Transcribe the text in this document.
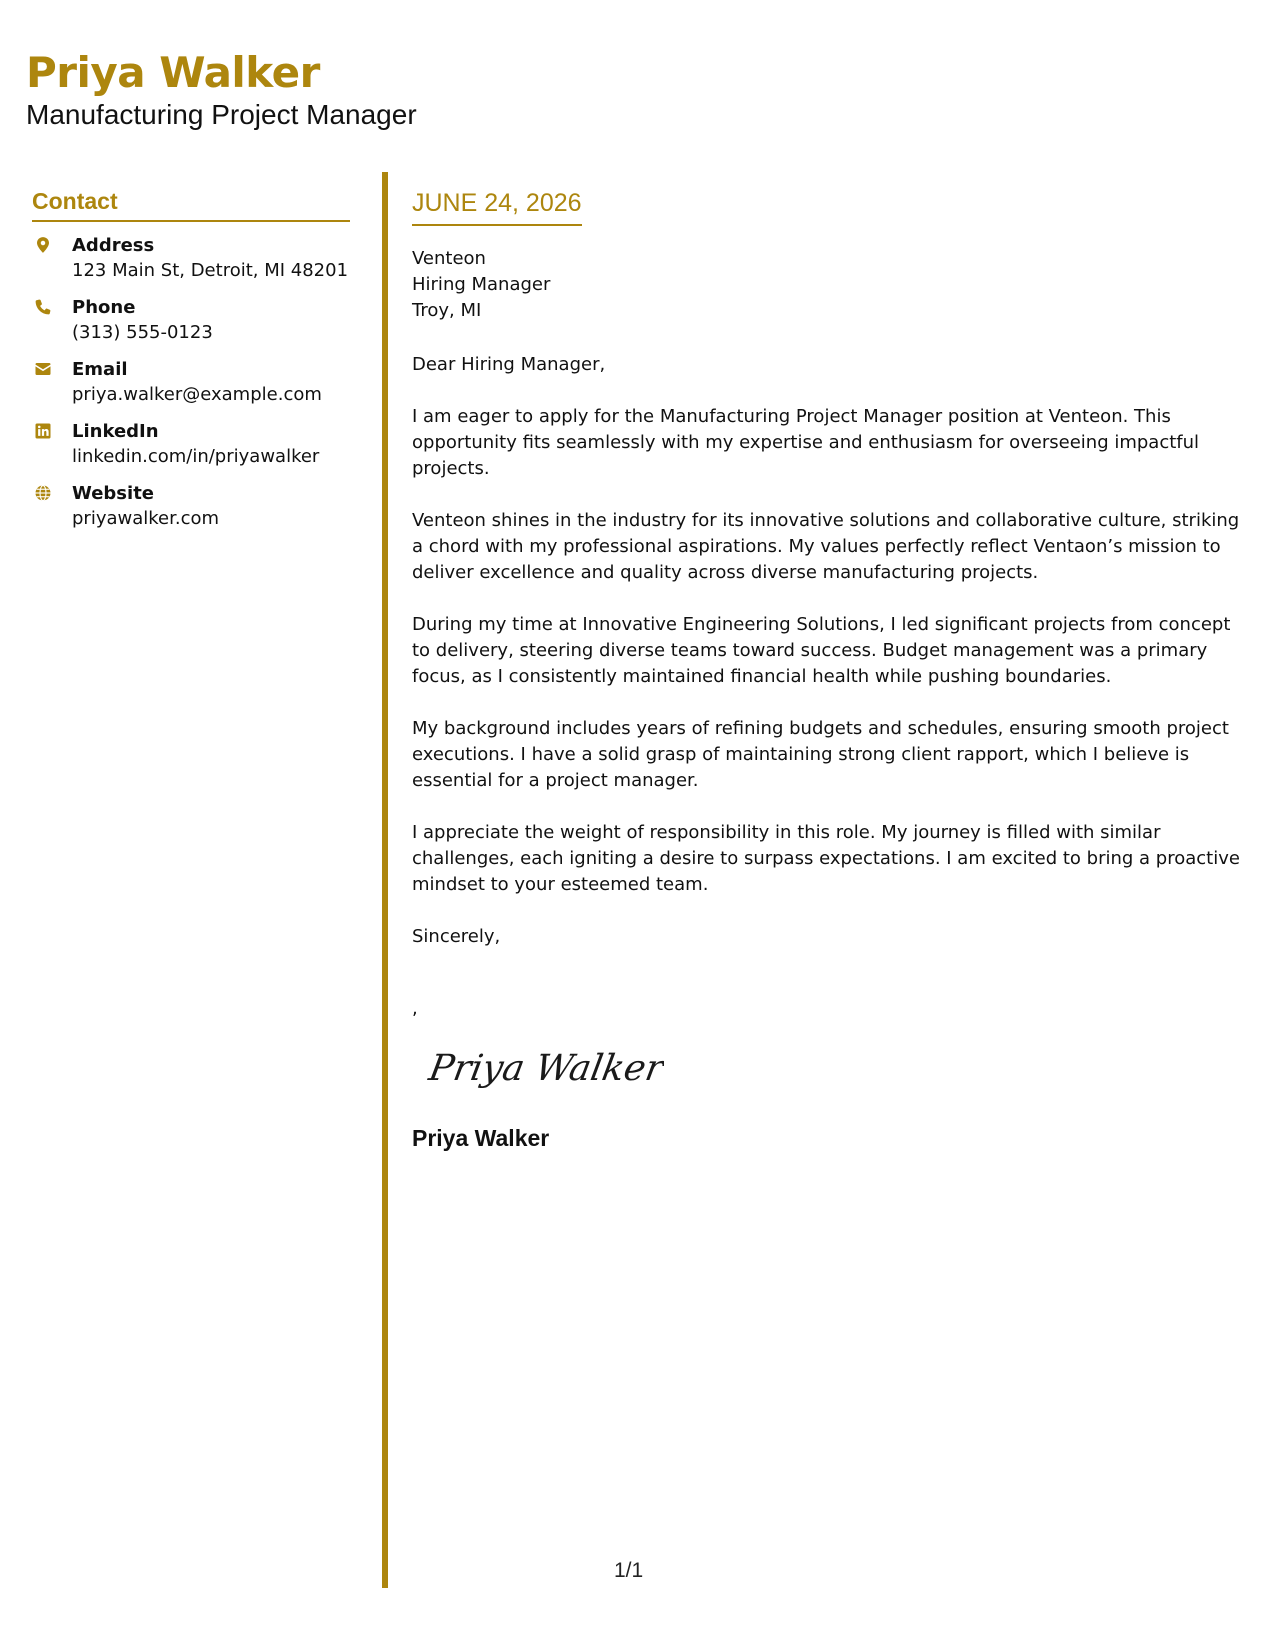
Priya Walker
Manufacturing Project Manager
Contact
Address
123 Main St, Detroit, MI 48201
Phone
(313) 555-0123
Email
priya.walker@example.com
LinkedIn
linkedin.com/in/priyawalker
Website
priyawalker.com
JUNE 24, 2026
Venteon
Hiring Manager
Troy, MI
Dear Hiring Manager,

I am eager to apply for the Manufacturing Project Manager position at Venteon. This opportunity fits seamlessly with my expertise and enthusiasm for overseeing impactful projects.

Venteon shines in the industry for its innovative solutions and collaborative culture, striking a chord with my professional aspirations. My values perfectly reflect Ventaon’s mission to deliver excellence and quality across diverse manufacturing projects.

During my time at Innovative Engineering Solutions, I led significant projects from concept to delivery, steering diverse teams toward success. Budget management was a primary focus, as I consistently maintained financial health while pushing boundaries.

My background includes years of refining budgets and schedules, ensuring smooth project executions. I have a solid grasp of maintaining strong client rapport, which I believe is essential for a project manager.

I appreciate the weight of responsibility in this role. My journey is filled with similar challenges, each igniting a desire to surpass expectations. I am excited to bring a proactive mindset to your esteemed team.

Sincerely,
,
Priya Walker
Priya Walker
1/1
